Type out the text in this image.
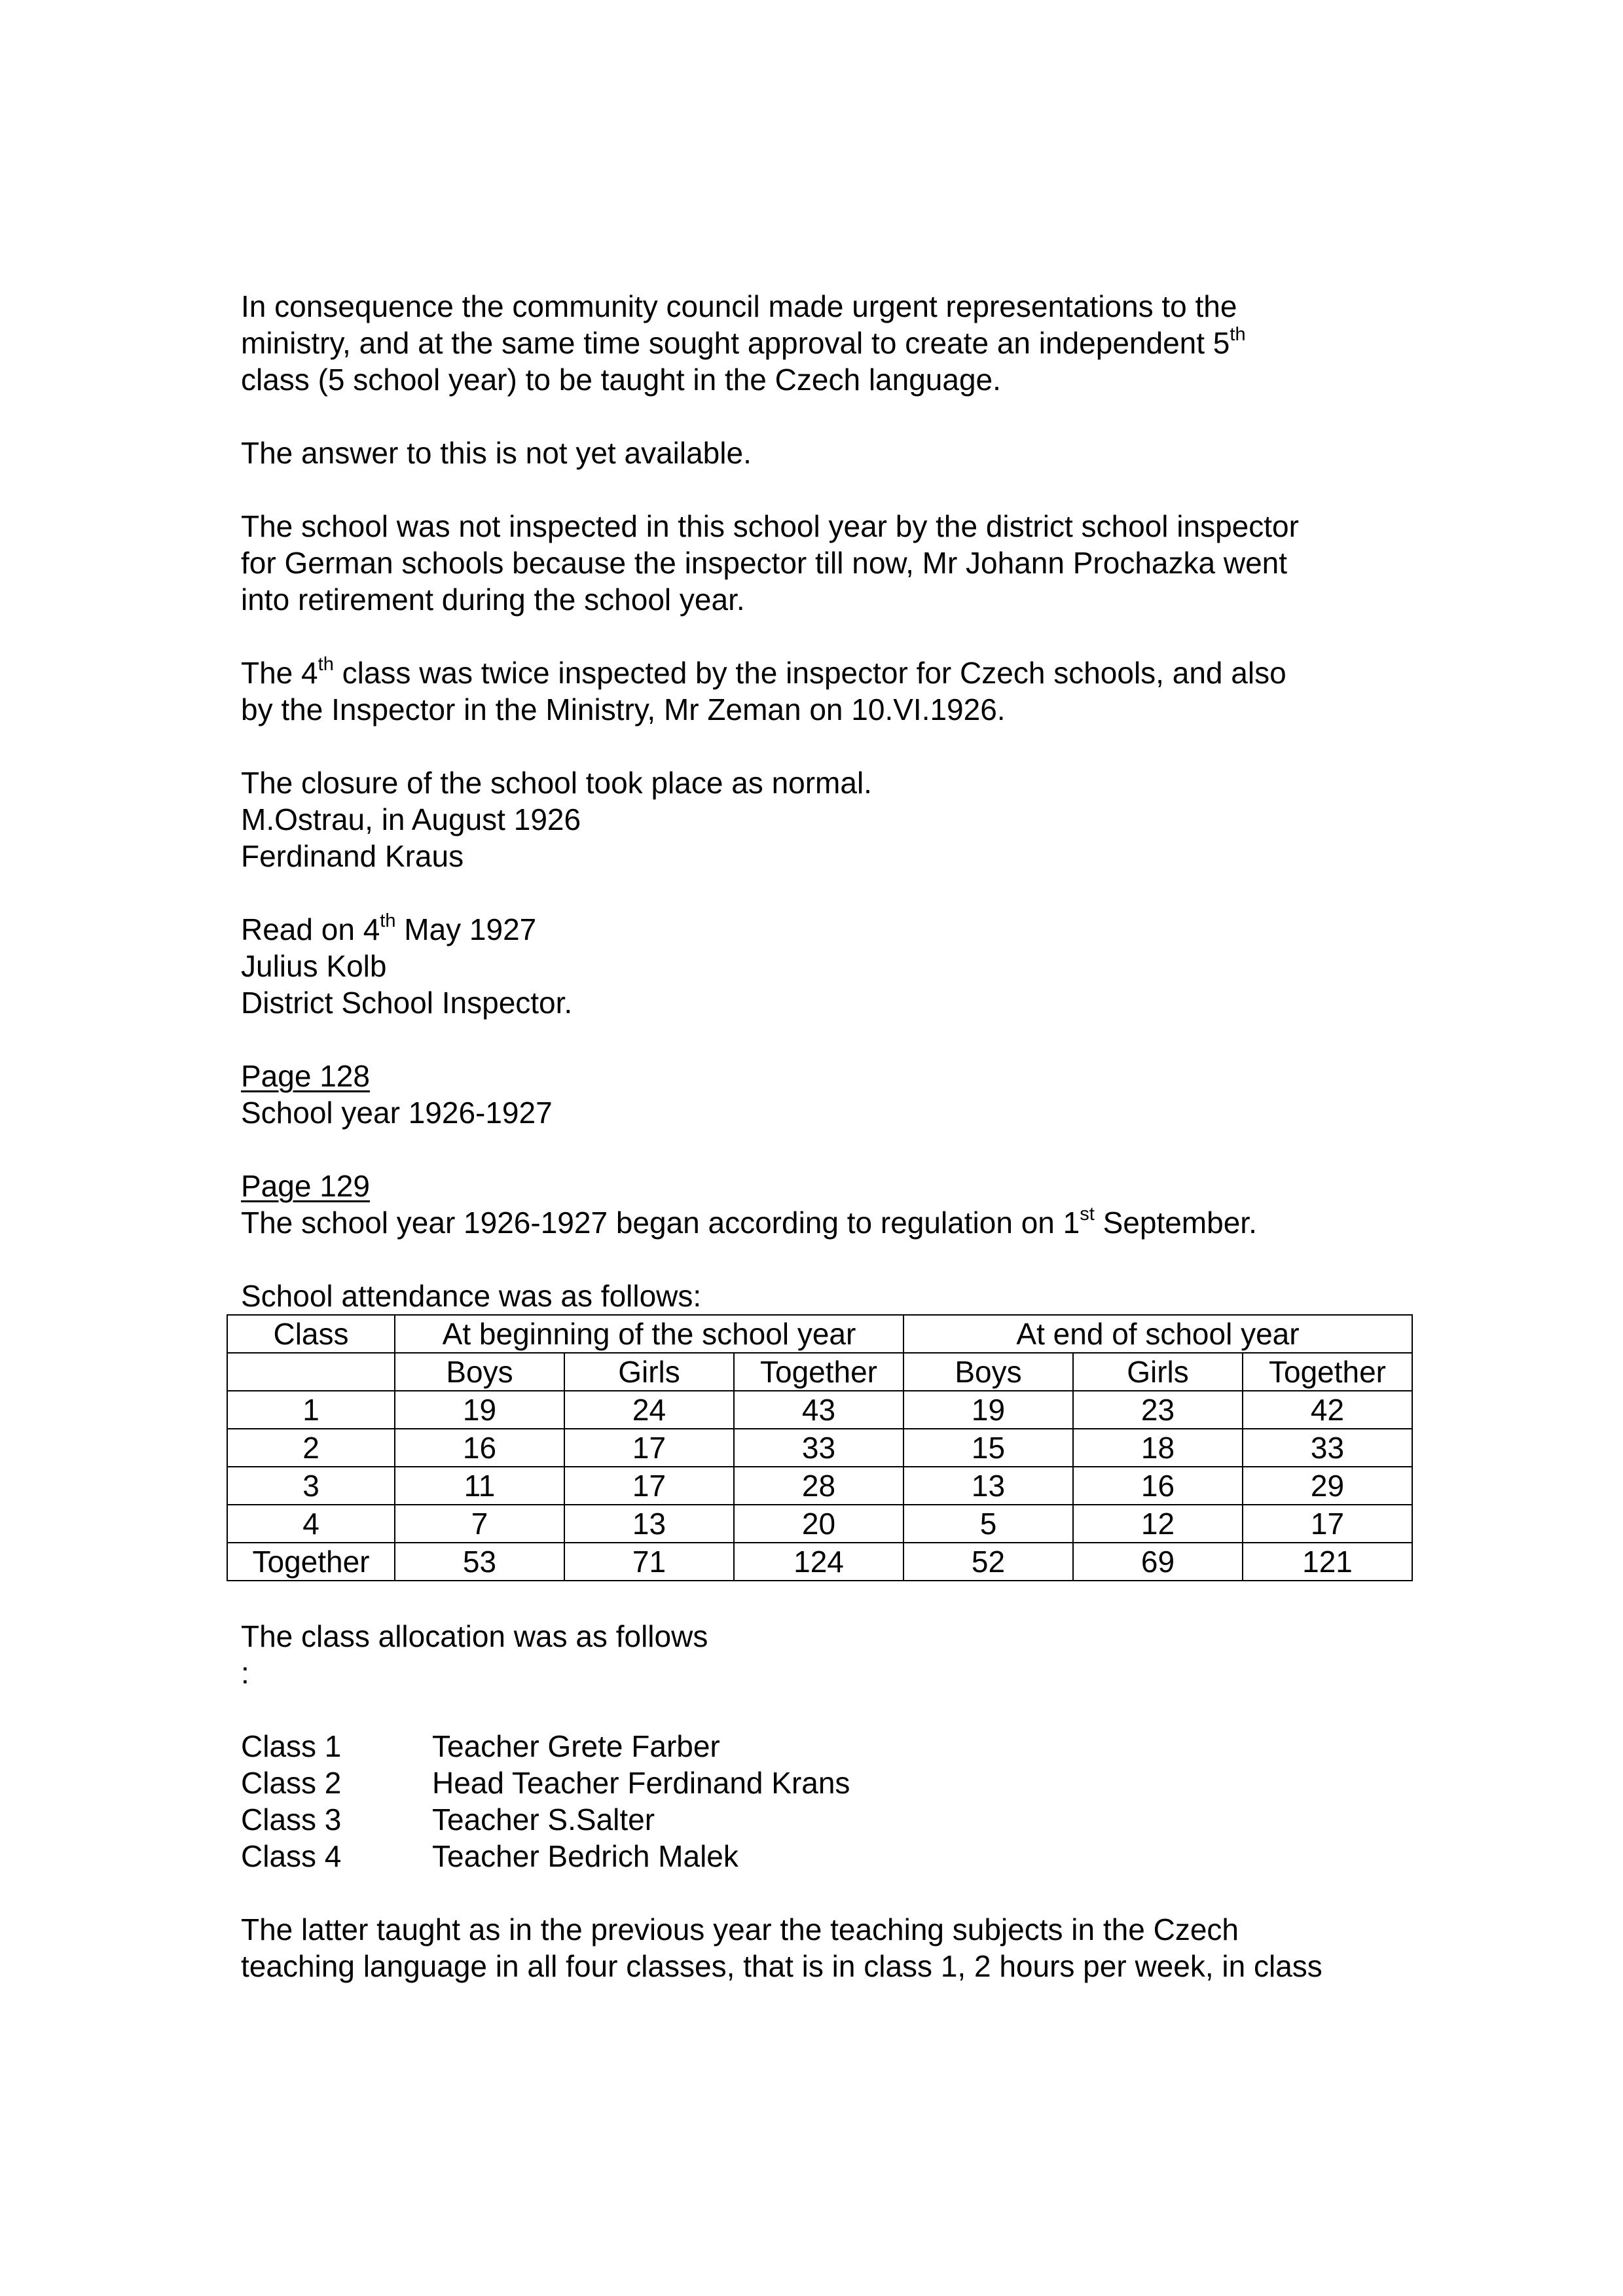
In consequence the community council made urgent representations to the
ministry, and at the same time sought approval to create an independent 5th
class (5 school year) to be taught in the Czech language.

The answer to this is not yet available.

The school was not inspected in this school year by the district school inspector
for German schools because the inspector till now, Mr Johann Prochazka went
into retirement during the school year.

The 4th class was twice inspected by the inspector for Czech schools, and also
by the Inspector in the Ministry, Mr Zeman on 10.VI.1926.

The closure of the school took place as normal.
M.Ostrau, in August 1926
Ferdinand Kraus

Read on 4th May 1927
Julius Kolb
District School Inspector.

Page 128
School year 1926-1927

Page 129
The school year 1926-1927 began according to regulation on 1st September.

School attendance was as follows:
Class	At beginning of the school year			At end of school year		
	Boys	Girls	Together	Boys	Girls	Together
1	19	24	43	19	23	42
2	16	17	33	15	18	33
3	11	17	28	13	16	29
4	7	13	20	5	12	17
Together	53	71	124	52	69	121

The class allocation was as follows
:

Class 1	Teacher Grete Farber
Class 2	Head Teacher Ferdinand Krans
Class 3	Teacher S.Salter
Class 4	Teacher Bedrich Malek

The latter taught as in the previous year the teaching subjects in the Czech
teaching language in all four classes, that is in class 1, 2 hours per week, in class
